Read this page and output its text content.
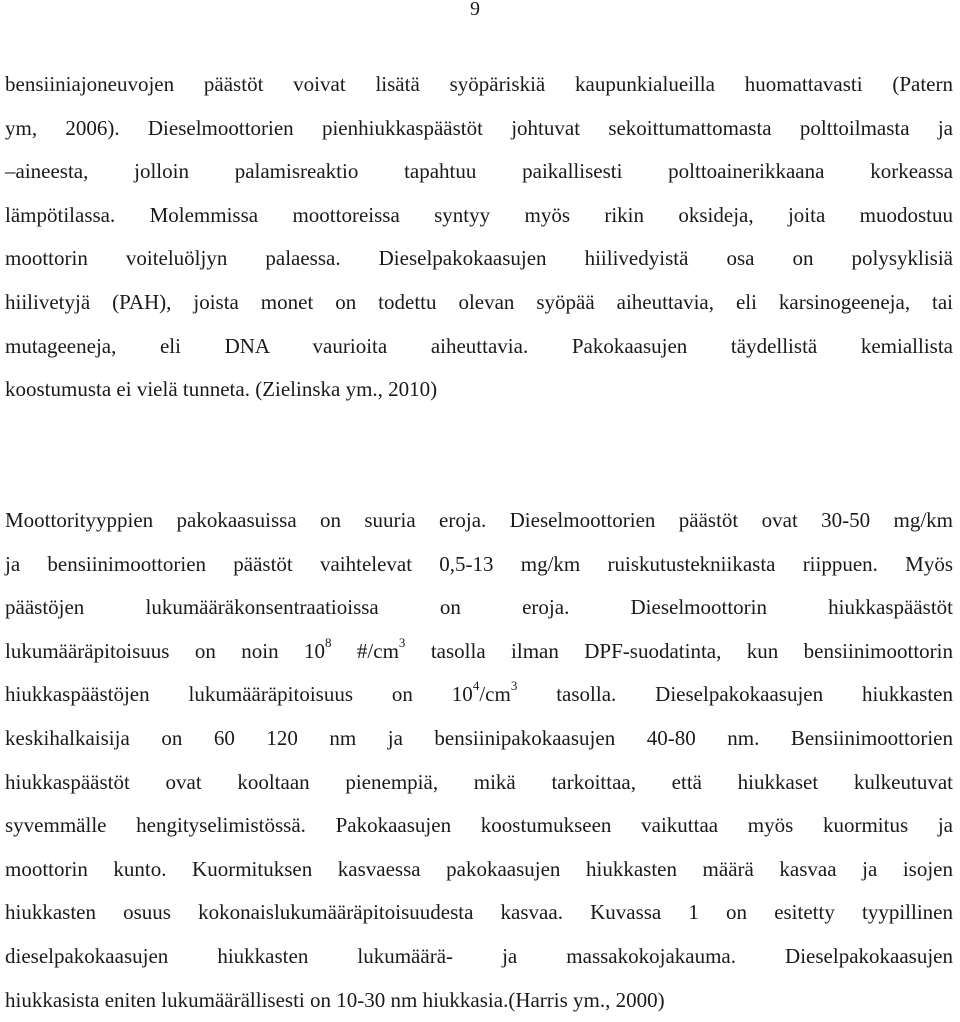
9
bensiiniajoneuvojen päästöt voivat lisätä syöpäriskiä kaupunkialueilla huomattavasti (Patern
ym, 2006). Dieselmoottorien pienhiukkaspäästöt johtuvat sekoittumattomasta polttoilmasta ja
–aineesta, jolloin palamisreaktio tapahtuu paikallisesti polttoainerikkaana korkeassa
lämpötilassa. Molemmissa moottoreissa syntyy myös rikin oksideja, joita muodostuu
moottorin voiteluöljyn palaessa. Dieselpakokaasujen hiilivedyistä osa on polysyklisiä
hiilivetyjä (PAH), joista monet on todettu olevan syöpää aiheuttavia, eli karsinogeeneja, tai
mutageeneja, eli DNA vaurioita aiheuttavia. Pakokaasujen täydellistä kemiallista
koostumusta ei vielä tunneta. (Zielinska ym., 2010)
Moottorityyppien pakokaasuissa on suuria eroja. Dieselmoottorien päästöt ovat 30-50 mg/km
ja bensiinimoottorien päästöt vaihtelevat 0,5-13 mg/km ruiskutustekniikasta riippuen. Myös
päästöjen lukumääräkonsentraatioissa on eroja. Dieselmoottorin hiukkaspäästöt
lukumääräpitoisuus on noin $10^8$ $\#/cm^3$ tasolla ilman DPF-suodatinta, kun bensiinimoottorin
hiukkaspäästöjen lukumääräpitoisuus on $10^4/cm^3$ tasolla. Dieselpakokaasujen hiukkasten
keskihalkaisija on 60 120 nm ja bensiinipakokaasujen 40-80 nm. Bensiinimoottorien
hiukkaspäästöt ovat kooltaan pienempiä, mikä tarkoittaa, että hiukkaset kulkeutuvat
syvemmälle hengityselimistössä. Pakokaasujen koostumukseen vaikuttaa myös kuormitus ja
moottorin kunto. Kuormituksen kasvaessa pakokaasujen hiukkasten määrä kasvaa ja isojen
hiukkasten osuus kokonaislukumääräpitoisuudesta kasvaa. Kuvassa 1 on esitetty tyypillinen
dieselpakokaasujen hiukkasten lukumäärä- ja massakokojakauma. Dieselpakokaasujen
hiukkasista eniten lukumäärällisesti on 10-30 nm hiukkasia.(Harris ym., 2000)
